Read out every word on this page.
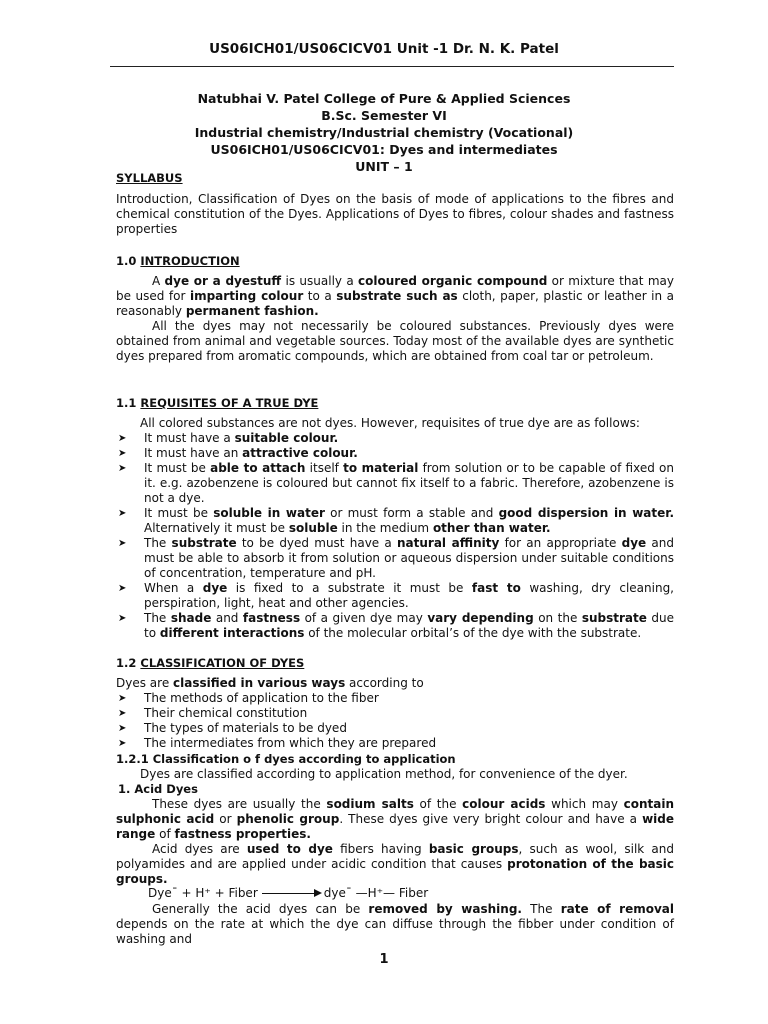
US06ICH01/US06CICV01 Unit -1 Dr. N. K. Patel
Natubhai V. Patel College of Pure & Applied Sciences
B.Sc. Semester VI
Industrial chemistry/Industrial chemistry (Vocational)
US06ICH01/US06CICV01: Dyes and intermediates
UNIT – 1
SYLLABUS
Introduction, Classification of Dyes on the basis of mode of applications to the fibres and chemical constitution of the Dyes. Applications of Dyes to fibres, colour shades and fastness properties
1.0 INTRODUCTION
A dye or a dyestuff is usually a coloured organic compound or mixture that may be used for imparting colour to a substrate such as cloth, paper, plastic or leather in a reasonably permanent fashion.
All the dyes may not necessarily be coloured substances. Previously dyes were obtained from animal and vegetable sources. Today most of the available dyes are synthetic dyes prepared from aromatic compounds, which are obtained from coal tar or petroleum.
1.1 REQUISITES OF A TRUE DYE
All colored substances are not dyes. However, requisites of true dye are as follows:
➤ It must have a suitable colour.
➤ It must have an attractive colour.
➤ It must be able to attach itself to material from solution or to be capable of fixed on it. e.g. azobenzene is coloured but cannot fix itself to a fabric. Therefore, azobenzene is not a dye.
➤ It must be soluble in water or must form a stable and good dispersion in water. Alternatively it must be soluble in the medium other than water.
➤ The substrate to be dyed must have a natural affinity for an appropriate dye and must be able to absorb it from solution or aqueous dispersion under suitable conditions of concentration, temperature and pH.
➤ When a dye is fixed to a substrate it must be fast to washing, dry cleaning, perspiration, light, heat and other agencies.
➤ The shade and fastness of a given dye may vary depending on the substrate due to different interactions of the molecular orbital’s of the dye with the substrate.
1.2 CLASSIFICATION OF DYES
Dyes are classified in various ways according to
➤ The methods of application to the fiber
➤ Their chemical constitution
➤ The types of materials to be dyed
➤ The intermediates from which they are prepared
1.2.1 Classification o f dyes according to application
Dyes are classified according to application method, for convenience of the dyer.
1. Acid Dyes
These dyes are usually the sodium salts of the colour acids which may contain sulphonic acid or phenolic group. These dyes give very bright colour and have a wide range of fastness properties.
Acid dyes are used to dye fibers having basic groups, such as wool, silk and polyamides and are applied under acidic condition that causes protonation of the basic groups.
Dye¯ + H⁺ + Fiber	dye¯ —H⁺— Fiber
Generally the acid dyes can be removed by washing. The rate of removal depends on the rate at which the dye can diffuse through the fibber under condition of washing and
1
